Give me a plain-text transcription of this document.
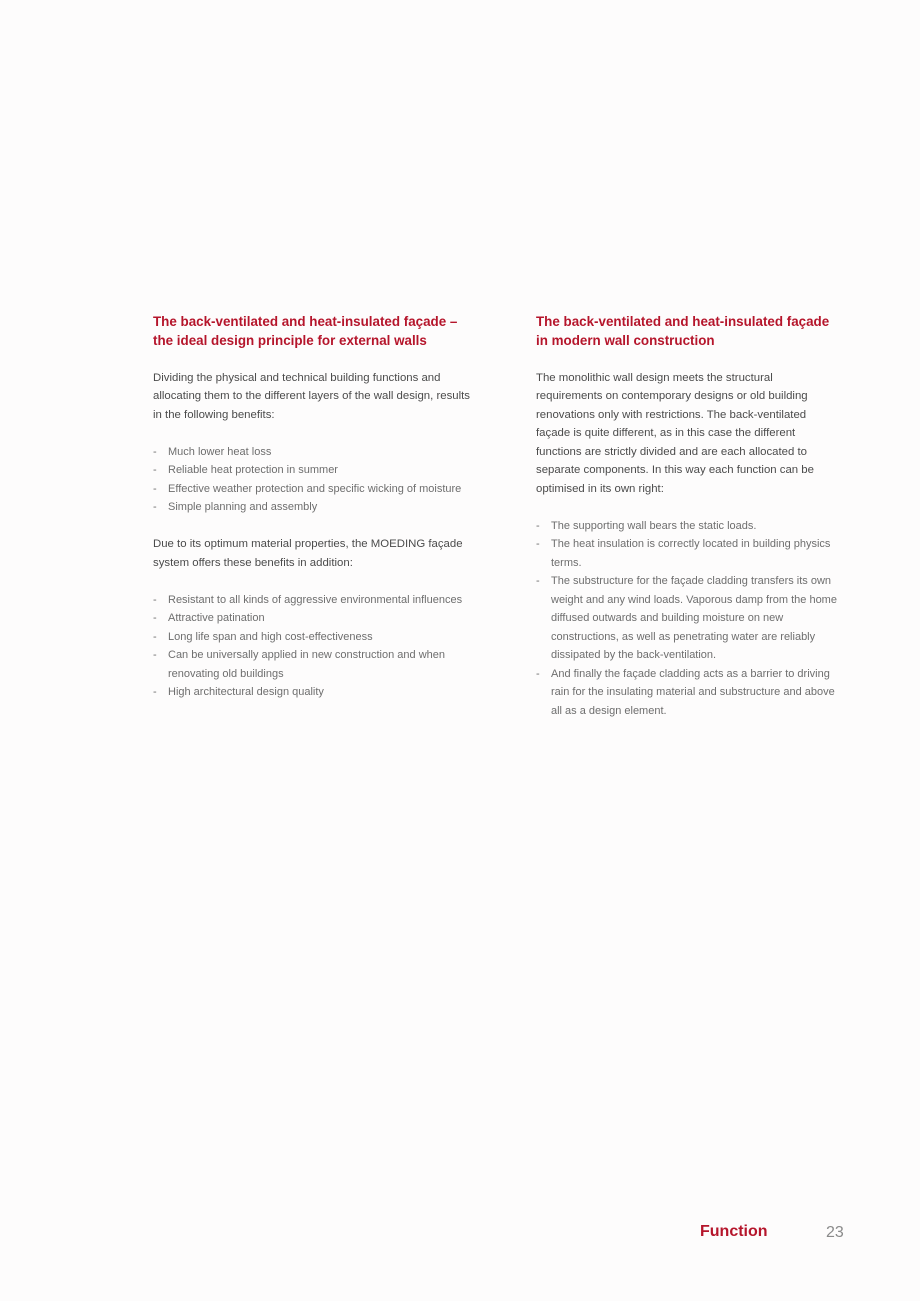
The back-ventilated and heat-insulated façade – the ideal design principle for external walls

Dividing the physical and technical building functions and allocating them to the different layers of the wall design, results in the following benefits:

- Much lower heat loss
- Reliable heat protection in summer
- Effective weather protection and specific wicking of moisture
- Simple planning and assembly

Due to its optimum material properties, the MOEDING façade system offers these benefits in addition:

- Resistant to all kinds of aggressive environmental influences
- Attractive patination
- Long life span and high cost-effectiveness
- Can be universally applied in new construction and when renovating old buildings
- High architectural design quality
The back-ventilated and heat-insulated façade in modern wall construction

The monolithic wall design meets the structural requirements on contemporary designs or old building renovations only with restrictions. The back-ventilated façade is quite different, as in this case the different functions are strictly divided and are each allocated to separate components. In this way each function can be optimised in its own right:

- The supporting wall bears the static loads.
- The heat insulation is correctly located in building physics terms.
- The substructure for the façade cladding transfers its own weight and any wind loads. Vaporous damp from the home diffused outwards and building moisture on new constructions, as well as penetrating water are reliably dissipated by the back-ventilation.
- And finally the façade cladding acts as a barrier to driving rain for the insulating material and substructure and above all as a design element.
Function	23
